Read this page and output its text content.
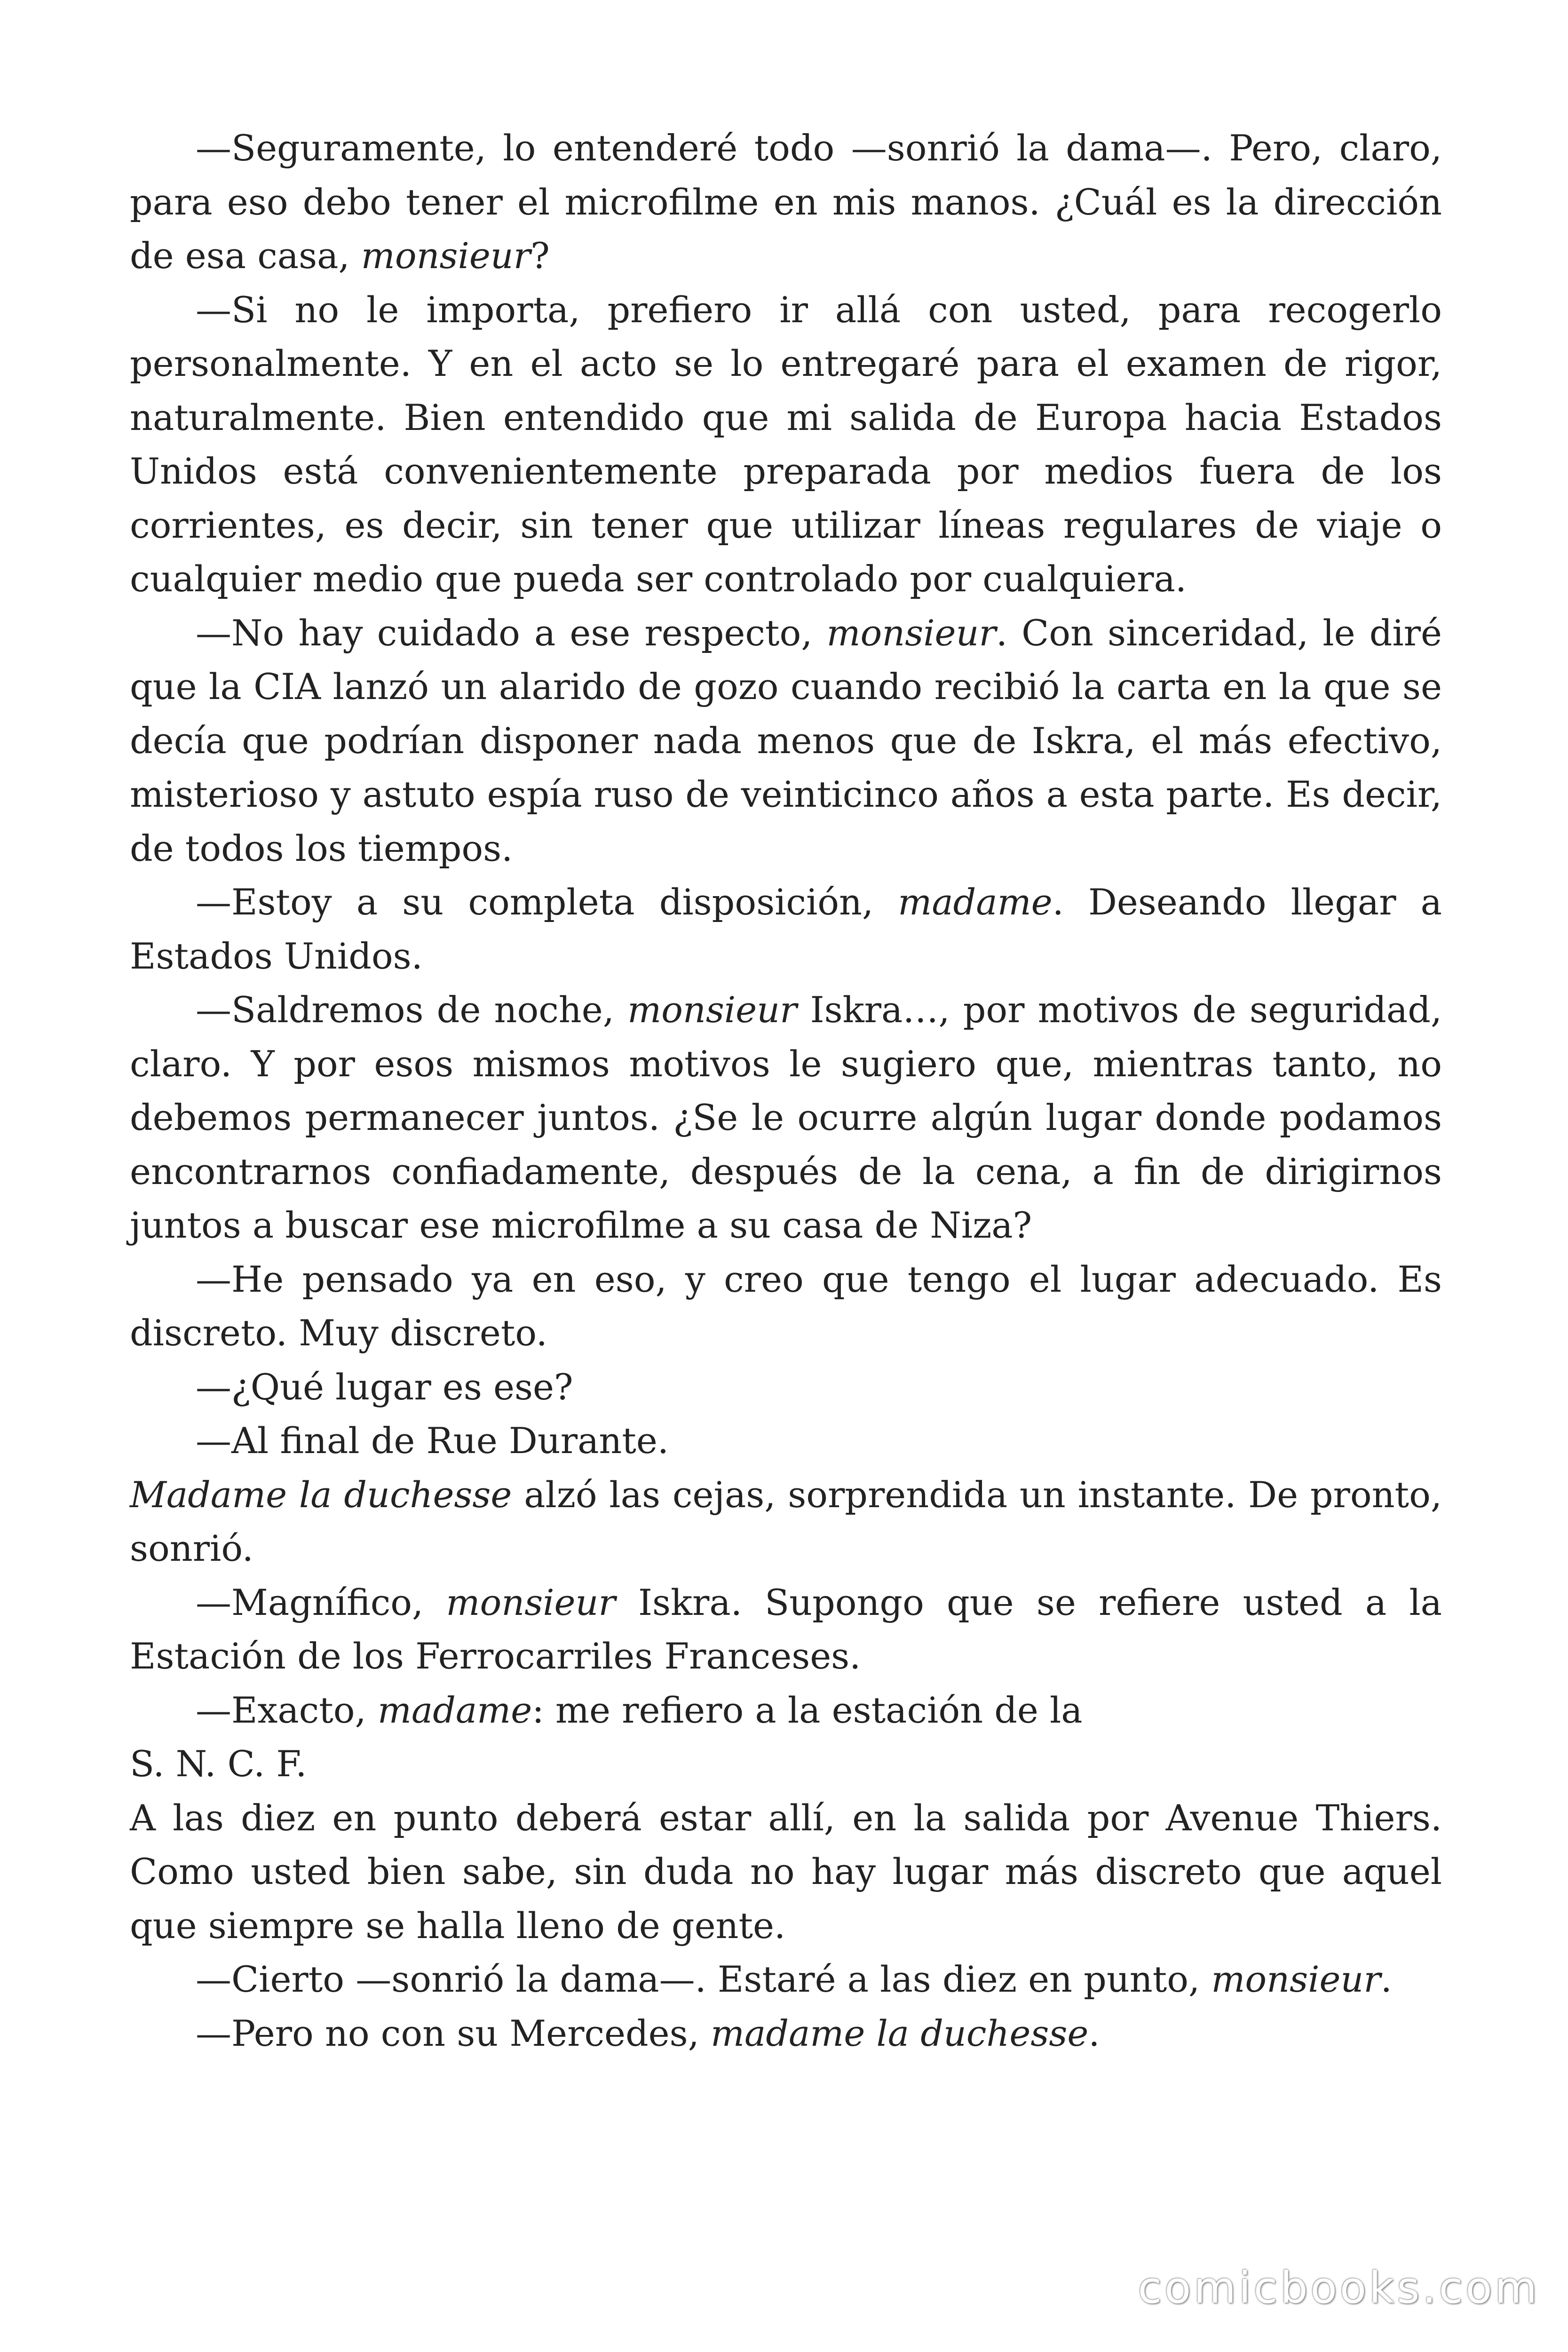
—Seguramente, lo entenderé todo —sonrió la dama—. Pero, claro, para eso debo tener el microfilme en mis manos. ¿Cuál es la dirección de esa casa, monsieur?

—Si no le importa, prefiero ir allá con usted, para recogerlo personalmente. Y en el acto se lo entregaré para el examen de rigor, naturalmente. Bien entendido que mi salida de Europa hacia Estados Unidos está convenientemente preparada por medios fuera de los corrientes, es decir, sin tener que utilizar líneas regulares de viaje o cualquier medio que pueda ser controlado por cualquiera.

—No hay cuidado a ese respecto, monsieur. Con sinceridad, le diré que la CIA lanzó un alarido de gozo cuando recibió la carta en la que se decía que podrían disponer nada menos que de Iskra, el más efectivo, misterioso y astuto espía ruso de veinticinco años a esta parte. Es decir, de todos los tiempos.

—Estoy a su completa disposición, madame. Deseando llegar a Estados Unidos.

—Saldremos de noche, monsieur Iskra…, por motivos de seguridad, claro. Y por esos mismos motivos le sugiero que, mientras tanto, no debemos permanecer juntos. ¿Se le ocurre algún lugar donde podamos encontrarnos confiadamente, después de la cena, a fin de dirigirnos juntos a buscar ese microfilme a su casa de Niza?

—He pensado ya en eso, y creo que tengo el lugar adecuado. Es discreto. Muy discreto.

—¿Qué lugar es ese?

—Al final de Rue Durante.

Madame la duchesse alzó las cejas, sorprendida un instante. De pronto, sonrió.

—Magnífico, monsieur Iskra. Supongo que se refiere usted a la Estación de los Ferrocarriles Franceses.

—Exacto, madame: me refiero a la estación de la

S. N. C. F.

A las diez en punto deberá estar allí, en la salida por Avenue Thiers. Como usted bien sabe, sin duda no hay lugar más discreto que aquel que siempre se halla lleno de gente.

—Cierto —sonrió la dama—. Estaré a las diez en punto, monsieur.

—Pero no con su Mercedes, madame la duchesse.

comicbooks.com
